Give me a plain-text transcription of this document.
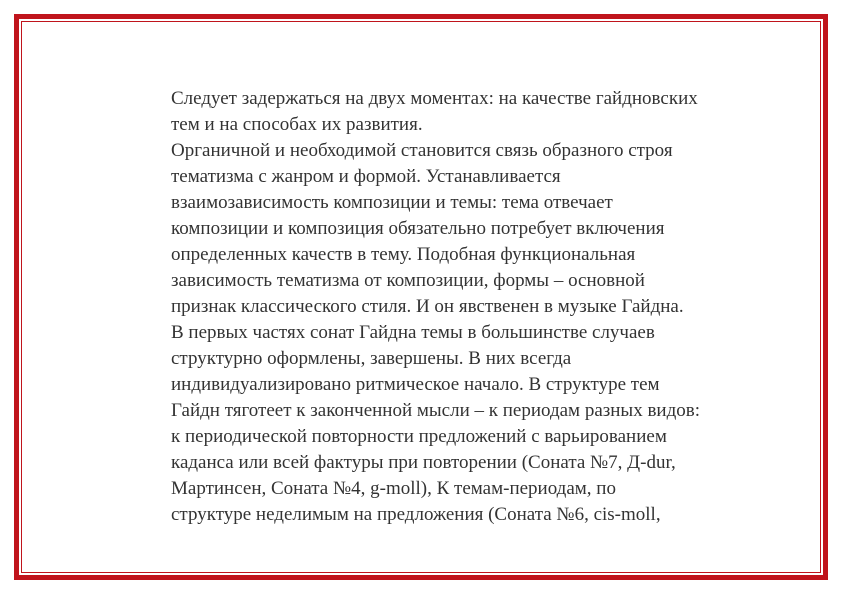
Следует задержаться на двух моментах: на качестве гайдновских
тем и на способах их развития.
Органичной и необходимой становится связь образного строя
тематизма с жанром и формой. Устанавливается
взаимозависимость композиции и темы: тема отвечает
композиции и композиция обязательно потребует включения
определенных качеств в тему. Подобная функциональная
зависимость тематизма от композиции, формы – основной
признак классического стиля. И он явственен в музыке Гайдна.
В первых частях сонат Гайдна темы в большинстве случаев
структурно оформлены, завершены. В них всегда
индивидуализировано ритмическое начало. В структуре тем
Гайдн тяготеет к законченной мысли – к периодам разных видов:
к периодической повторности предложений с варьированием
каданса или всей фактуры при повторении (Соната №7, Д-dur,
Мартинсен, Соната №4, g-moll), К темам-периодам, по
структуре неделимым на предложения (Соната №6, cis-moll,
